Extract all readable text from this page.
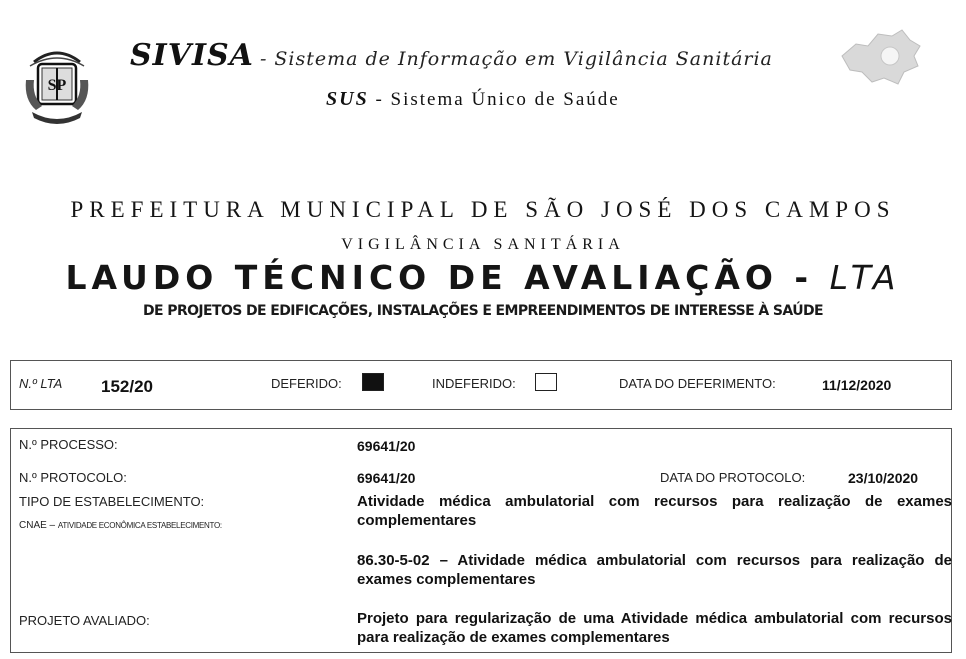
SP
SIVISA - Sistema de Informação em Vigilância Sanitária
SUS - Sistema Único de Saúde
PREFEITURA MUNICIPAL DE SÃO JOSÉ DOS CAMPOS
VIGILÂNCIA SANITÁRIA
LAUDO TÉCNICO DE AVALIAÇÃO - LTA
DE PROJETOS DE EDIFICAÇÕES, INSTALAÇÕES E EMPREENDIMENTOS DE INTERESSE À SAÚDE
N.º LTA 152/20	DEFERIDO:	INDEFERIDO:	DATA DO DEFERIMENTO:	11/12/2020
N.º PROCESSO:	69641/20
N.º PROTOCOLO:	69641/20	DATA DO PROTOCOLO:	23/10/2020
TIPO DE ESTABELECIMENTO:	Atividade médica ambulatorial com recursos para realização de exames complementares
CNAE – ATIVIDADE ECONÔMICA ESTABELECIMENTO:
86.30-5-02 – Atividade médica ambulatorial com recursos para realização de exames complementares
PROJETO AVALIADO:	Projeto para regularização de uma Atividade médica ambulatorial com recursos para realização de exames complementares
